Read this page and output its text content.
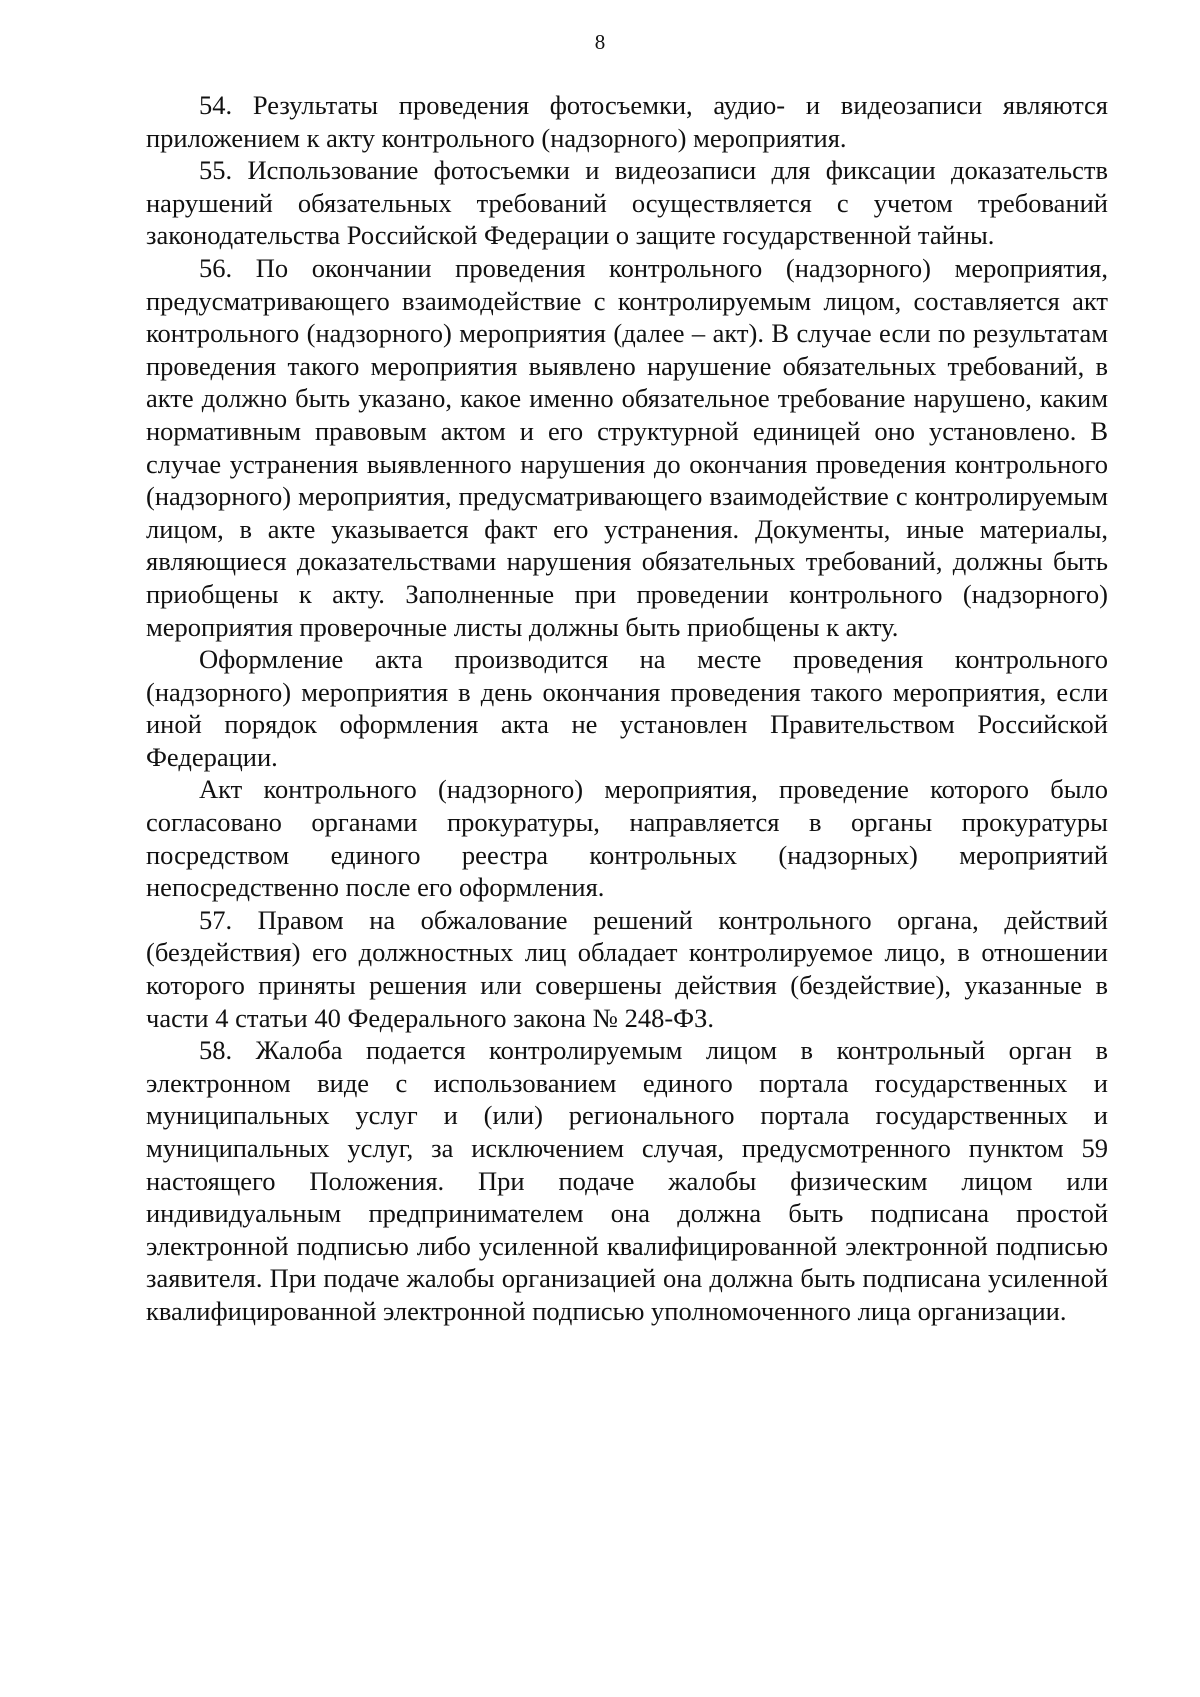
8

54. Результаты проведения фотосъемки, аудио- и видеозаписи являются приложением к акту контрольного (надзорного) мероприятия.

55. Использование фотосъемки и видеозаписи для фиксации доказательств нарушений обязательных требований осуществляется с учетом требований законодательства Российской Федерации о защите государственной тайны.

56. По окончании проведения контрольного (надзорного) мероприятия, предусматривающего взаимодействие с контролируемым лицом, составляется акт контрольного (надзорного) мероприятия (далее – акт). В случае если по результатам проведения такого мероприятия выявлено нарушение обязательных требований, в акте должно быть указано, какое именно обязательное требование нарушено, каким нормативным правовым актом и его структурной единицей оно установлено. В случае устранения выявленного нарушения до окончания проведения контрольного (надзорного) мероприятия, предусматривающего взаимодействие с контролируемым лицом, в акте указывается факт его устранения. Документы, иные материалы, являющиеся доказательствами нарушения обязательных требований, должны быть приобщены к акту. Заполненные при проведении контрольного (надзорного) мероприятия проверочные листы должны быть приобщены к акту.

Оформление акта производится на месте проведения контрольного (надзорного) мероприятия в день окончания проведения такого мероприятия, если иной порядок оформления акта не установлен Правительством Российской Федерации.

Акт контрольного (надзорного) мероприятия, проведение которого было согласовано органами прокуратуры, направляется в органы прокуратуры посредством единого реестра контрольных (надзорных) мероприятий непосредственно после его оформления.

57. Правом на обжалование решений контрольного органа, действий (бездействия) его должностных лиц обладает контролируемое лицо, в отношении которого приняты решения или совершены действия (бездействие), указанные в части 4 статьи 40 Федерального закона № 248-ФЗ.

58. Жалоба подается контролируемым лицом в контрольный орган в электронном виде с использованием единого портала государственных и муниципальных услуг и (или) регионального портала государственных и муниципальных услуг, за исключением случая, предусмотренного пунктом 59 настоящего Положения. При подаче жалобы физическим лицом или индивидуальным предпринимателем она должна быть подписана простой электронной подписью либо усиленной квалифицированной электронной подписью заявителя. При подаче жалобы организацией она должна быть подписана усиленной квалифицированной электронной подписью уполномоченного лица организации.
